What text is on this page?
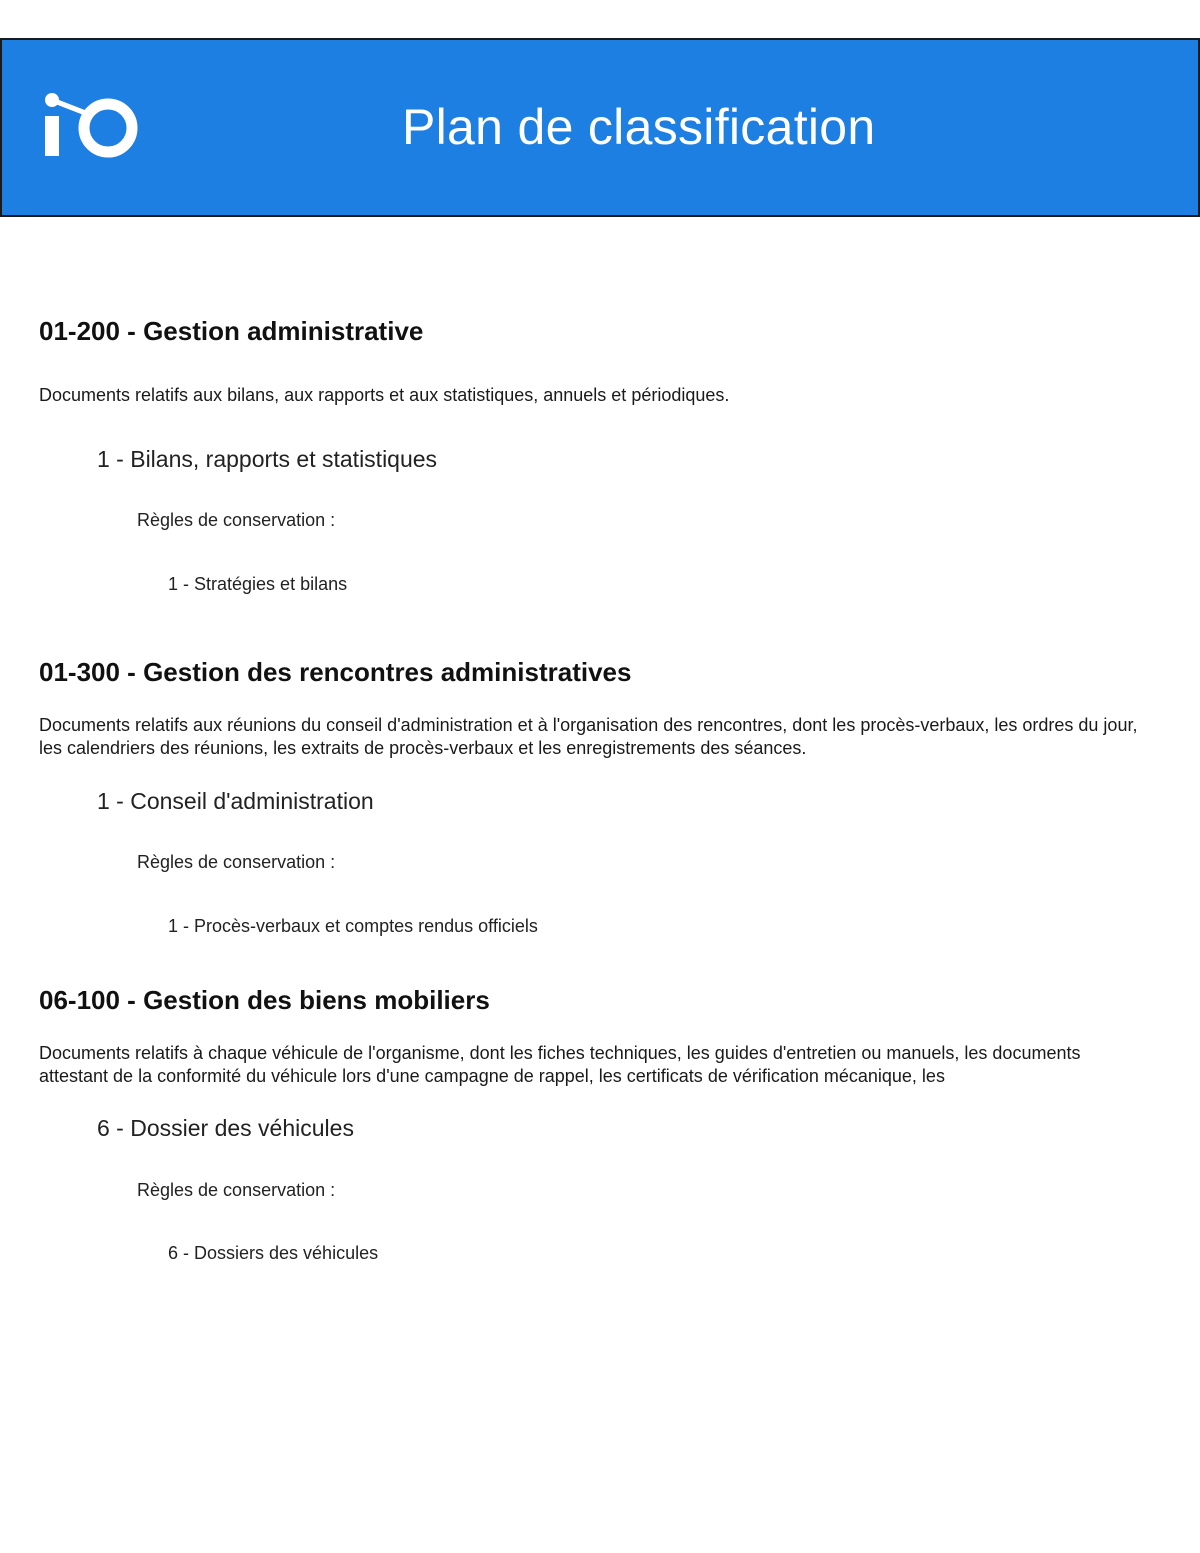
Plan de classification
01-200 - Gestion administrative
Documents relatifs aux bilans, aux rapports et aux statistiques, annuels et périodiques.
1 - Bilans, rapports et statistiques
Règles de conservation :
1 - Stratégies et bilans
01-300 - Gestion des rencontres administratives
Documents relatifs aux réunions du conseil d'administration et à l'organisation des rencontres, dont les procès-verbaux, les ordres du jour, les calendriers des réunions, les extraits de procès-verbaux et les enregistrements des séances.
1 - Conseil d'administration
Règles de conservation :
1 - Procès-verbaux et comptes rendus officiels
06-100 - Gestion des biens mobiliers
Documents relatifs à chaque véhicule de l'organisme, dont les fiches techniques, les guides d'entretien ou manuels, les documents attestant de la conformité du véhicule lors d'une campagne de rappel, les certificats de vérification mécanique, les
6 - Dossier des véhicules
Règles de conservation :
6 - Dossiers des véhicules
